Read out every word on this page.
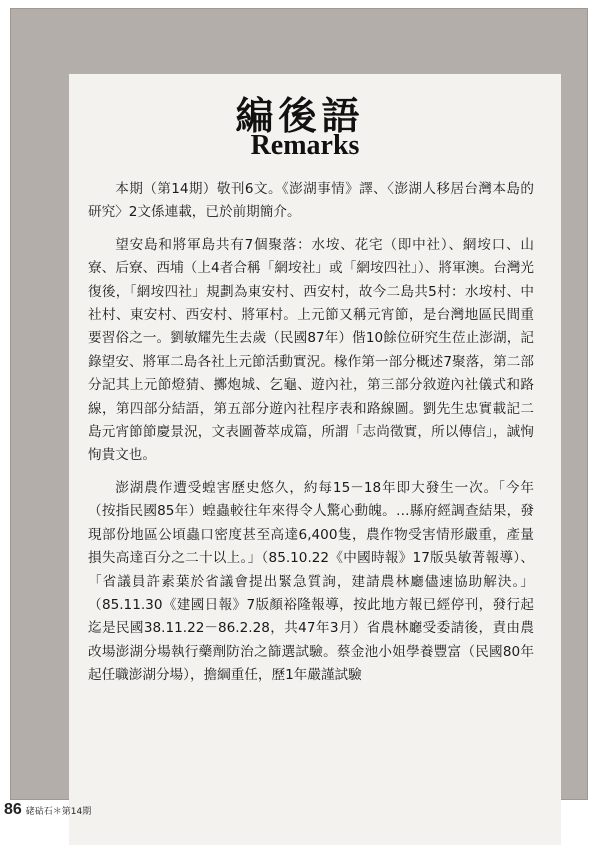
編後語
Remarks

本期（第14期）敬刊6文。《澎湖事情》譯、〈澎湖人移居台灣本島的研究〉2文係連載，已於前期簡介。

望安島和將軍島共有7個聚落：水垵、花宅（即中社）、網垵口、山寮、后寮、西埔（上4者合稱「網垵社」或「網垵四社」）、將軍澳。台灣光復後，「網垵四社」規劃為東安村、西安村，故今二島共5村：水垵村、中社村、東安村、西安村、將軍村。上元節又稱元宵節，是台灣地區民間重要習俗之一。劉敏耀先生去歲（民國87年）偕10餘位研究生莅止澎湖，記錄望安、將軍二島各社上元節活動實況。椽作第一部分概述7聚落，第二部分記其上元節燈猜、擲炮城、乞龜、遊內社，第三部分敘遊內社儀式和路線，第四部分結語，第五部分遊內社程序表和路線圖。劉先生忠實載記二島元宵節節慶景況，文表圖薈萃成篇，所謂「志尚徵實，所以傳信」，誠恂恂貴文也。

澎湖農作遭受蝗害歷史悠久，約每15－18年即大發生一次。「今年（按指民國85年）蝗蟲較往年來得令人驚心動魄。…縣府經調查結果，發現部份地區公頃蟲口密度甚至高達6,400隻，農作物受害情形嚴重，產量損失高達百分之二十以上。」（85.10.22《中國時報》17版吳敏菁報導）、「省議員許素葉於省議會提出緊急質詢，建請農林廳儘速協助解決。」（85.11.30《建國日報》7版顏裕隆報導，按此地方報已經停刊，發行起迄是民國38.11.22－86.2.28，共47年3月）省農林廳受委請後，責由農改場澎湖分場執行藥劑防治之篩選試驗。蔡金池小姐學養豐富（民國80年起任職澎湖分場），擔綱重任，歷1年嚴謹試驗

86 硓𥑮石＊第14期
